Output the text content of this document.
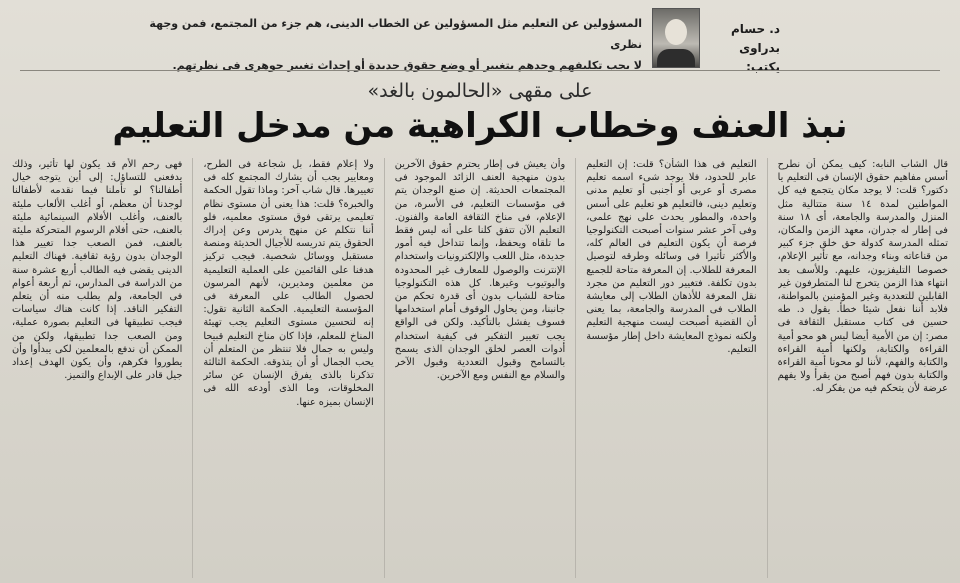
د. حسام بدراوى
يكتب:
المسؤولين عن التعليم مثل المسؤولين عن الخطاب الدينى، هم جزء من المجتمع، فمن وجهة نظرى
لا يجب تكليفهم وحدهم بتغيير أو وضع حقوق جديدة أو إحداث تغيير جوهرى فى نظرتهم.
على مقهى «الحالمون بالغد»
نبذ العنف وخطاب الكراهية من مدخل التعليم

قال الشاب النابه: كيف يمكن أن نطرح أسس مفاهيم حقوق الإنسان فى التعليم يا دكتور؟ قلت: لا يوجد مكان يتجمع فيه كل المواطنين لمدة ١٤ سنة متتالية مثل المنزل والمدرسة والجامعة، أى ١٨ سنة فى إطار له جدران، معهد الزمن والمكان، تمثله المدرسة كدولة حق خلق جزء كبير من قناعاته وبناء وجدانه، مع تأثير الإعلام، خصوصا التليفزيون، عليهم. وللأسف بعد انتهاء هذا الزمن يتخرج لنا المتطرفون غير القابلين للتعددية وغير المؤمنين بالمواطنة، فلابد أننا نفعل شيئا خطأ. يقول د. طه حسين فى كتاب مستقبل الثقافة فى مصر: إن من الأمية أيضا ليس هو محو أمية القراءة والكتابة، ولكنها أمية القراءة والكتابة والفهم، لأننا لو محونا أمية القراءة والكتابة بدون فهم أصبح من يقرأ ولا يفهم عرضة لأن يتحكم فيه من يفكر له.

التعليم فى هذا الشأن؟ قلت: إن التعليم عابر للحدود، فلا يوجد شىء اسمه تعليم مصرى أو عربى أو أجنبى أو تعليم مدنى وتعليم دينى، فالتعليم هو تعليم على أسس واحدة، والمطور يحدث على نهج علمى، وفى آخر عشر سنوات أصبحت التكنولوجيا فرصة أن يكون التعليم فى العالم كله، والأكثر تأثيرا فى وسائله وطرقه لتوصيل المعرفة للطلاب. إن المعرفة متاحة للجميع بدون تكلفة. فتغيير دور التعليم من مجرد نقل المعرفة للأذهان الطلاب إلى معايشة الطلاب فى المدرسة والجامعة، بما يعنى أن القضية أصبحت ليست منهجية التعليم ولكنه نموذج المعايشة داخل إطار مؤسسة التعليم.

وأن يعيش فى إطار يحترم حقوق الآخرين بدون منهجية العنف الزائد الموجود فى المجتمعات الحديثة. إن صنع الوجدان يتم فى مؤسسات التعليم، فى الأسرة، من الإعلام، فى مناخ الثقافة العامة والفنون. التعليم الآن تتفق كلنا على أنه ليس فقط ما تلقاه ويحفظ، وإنما تتداخل فيه أمور جديدة، مثل اللعب والإلكترونيات واستخدام الإنترنت والوصول للمعارف غير المحدودة واليوتيوب وغيرها. كل هذه التكنولوجيا متاحة للشباب بدون أى قدرة تحكم من جانبنا، ومن يحاول الوقوف أمام استخدامها فسوف يفشل بالتأكيد. ولكن فى الواقع يجب تغيير التفكير فى كيفية استخدام أدوات العصر لخلق الوجدان الذى يسمح بالتسامح وقبول التعددية وقبول الآخر والسلام مع النفس ومع الآخرين.

ولا إعلام فقط، بل شجاعة فى الطرح، ومعايير يجب أن يشارك المجتمع كله فى تغييرها. قال شاب آخر: وماذا تقول الحكمة والخبرة؟ قلت: هذا يعنى أن مستوى نظام تعليمى يرتقى فوق مستوى معلميه، فلو أننا نتكلم عن منهج يدرس وعن إدراك الحقوق يتم تدريسه للأجيال الحديثة ومنصة مستقبل ووسائل شخصية. فيجب تركيز هدفنا على القائمين على العملية التعليمية من معلمين ومديرين، لأنهم المرسون لحصول الطالب على المعرفة فى المؤسسة التعليمية. الحكمة الثانية تقول: إنه لتحسين مستوى التعليم يجب تهيئة المناخ للمعلم، فإذا كان مناخ التعليم قبيحا وليس به جمال فلا تنتظر من المتعلم أن يحب الجمال أو أن يتذوقه. الحكمة الثالثة تذكرنا بالذى يفرق الإنسان عن سائر المخلوقات، وما الذى أودعه الله فى الإنسان بميزه عنها.

فهى رحم الأم قد يكون لها تأثير، وذلك يدفعنى للتساؤل: إلى أين يتوجه خيال أطفالنا؟ لو تأملنا فيما نقدمه لأطفالنا لوجدنا أن معظم، أو أغلب الألعاب مليئة بالعنف، وأغلب الأفلام السينمائية مليئة بالعنف، حتى أفلام الرسوم المتحركة مليئة بالعنف، فمن الصعب جدا تغيير هذا الوجدان بدون رؤية ثقافية. فهناك التعليم الدينى يقضى فيه الطالب أربع عشرة سنة من الدراسة فى المدارس، ثم أربعة أعوام فى الجامعة، ولم يطلب منه أن يتعلم التفكير الناقد. إذا كانت هناك سياسات فيجب تطبيقها فى التعليم بصورة عملية، ومن الصعب جدا تطبيقها، ولكن من الممكن أن ندفع بالمعلمين لكى يبدأوا وأن يطوروا فكرهم، وأن يكون الهدف إعداد جيل قادر على الإبداع والتميز.
